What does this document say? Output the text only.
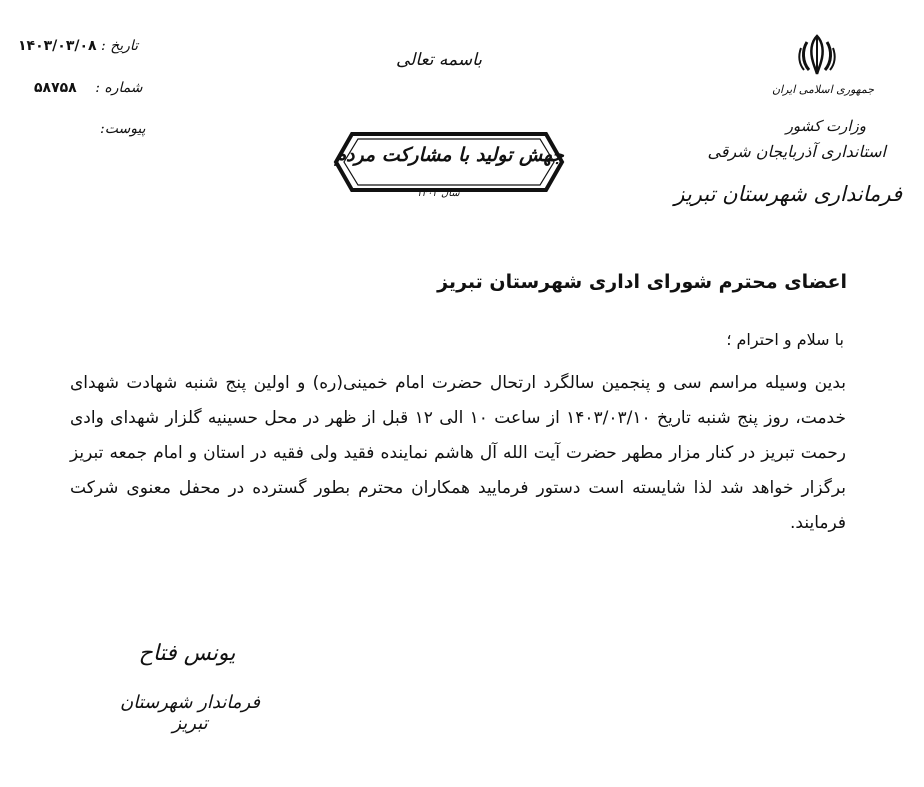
تاریخ : ۱۴۰۳/۰۳/۰۸
شماره : ۵۸۷۵۸
پیوست:
باسمه تعالی
جهش تولید با مشارکت مردم
سال ۱۴۰۳
جمهوری اسلامی ایران
وزارت کشور
استانداری آذربایجان شرقی
فرمانداری شهرستان تبریز
اعضای محترم شورای اداری شهرستان تبریز
با سلام و احترام ؛
بدین وسیله مراسم سی و پنجمین سالگرد ارتحال حضرت امام خمینی(ره) و اولین پنج شنبه شهادت شهدای خدمت، روز پنج شنبه تاریخ ۱۴۰۳/۰۳/۱۰ از ساعت ۱۰ الی ۱۲ قبل از ظهر در محل حسینیه گلزار شهدای وادی رحمت تبریز در کنار مزار مطهر حضرت آیت الله آل هاشم نماینده فقید ولی فقیه در استان و امام جمعه تبریز برگزار خواهد شد لذا شایسته است دستور فرمایید همکاران محترم بطور گسترده در محفل معنوی شرکت فرمایند.
یونس فتاح
فرماندار شهرستان تبریز
